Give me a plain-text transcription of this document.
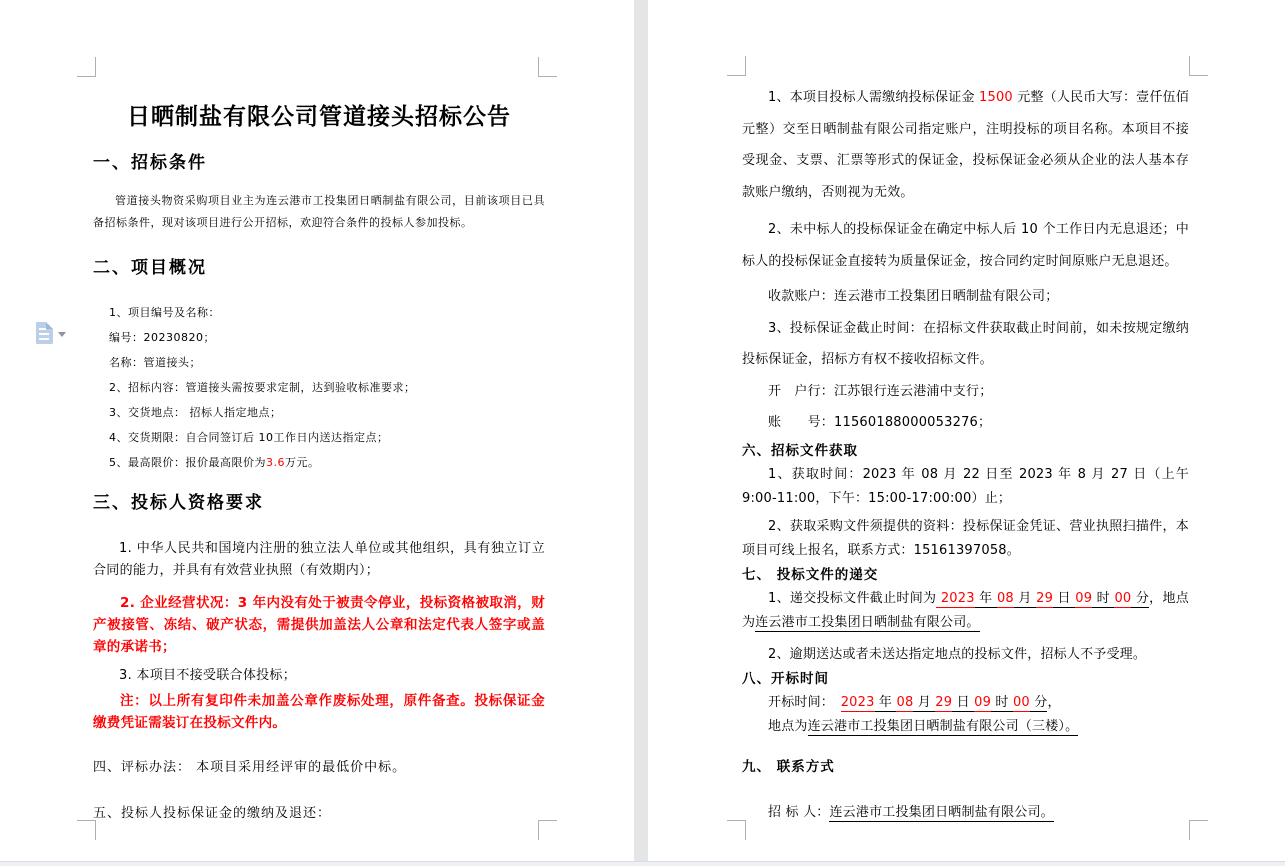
日晒制盐有限公司管道接头招标公告
一、招标条件

管道接头物资采购项目业主为连云港市工投集团日晒制盐有限公司，目前该项目已具备招标条件，现对该项目进行公开招标，欢迎符合条件的投标人参加投标。

二、项目概况

1、项目编号及名称：

编号：20230820；

名称：管道接头；

2、招标内容：管道接头需按要求定制，达到验收标准要求；

3、交货地点： 招标人指定地点；

4、交货期限：自合同签订后 10工作日内送达指定点；

5、最高限价：报价最高限价为3.6万元。

三、投标人资格要求

1. 中华人民共和国境内注册的独立法人单位或其他组织，具有独立订立合同的能力，并具有有效营业执照（有效期内）；

2. 企业经营状况：3 年内没有处于被责令停业，投标资格被取消，财产被接管、冻结、破产状态，需提供加盖法人公章和法定代表人签字或盖章的承诺书；

3. 本项目不接受联合体投标；

注：以上所有复印件未加盖公章作废标处理，原件备查。投标保证金缴费凭证需装订在投标文件内。

四、评标办法： 本项目采用经评审的最低价中标。

五、投标人投标保证金的缴纳及退还：

1、本项目投标人需缴纳投标保证金 1500 元整（人民币大写：壹仟伍佰元整）交至日晒制盐有限公司指定账户，注明投标的项目名称。本项目不接受现金、支票、汇票等形式的保证金，投标保证金必须从企业的法人基本存款账户缴纳，否则视为无效。

2、未中标人的投标保证金在确定中标人后 10 个工作日内无息退还；中标人的投标保证金直接转为质量保证金，按合同约定时间原账户无息退还。

收款账户：连云港市工投集团日晒制盐有限公司；

3、投标保证金截止时间：在招标文件获取截止时间前，如未按规定缴纳投标保证金，招标方有权不接收招标文件。

开　户行：江苏银行连云港浦中支行；

账　　号：11560188000053276；

六、招标文件获取

1、获取时间：2023 年 08 月 22 日至 2023 年 8 月 27 日（上午 9:00-11:00，下午：15:00-17:00:00）止；

2、获取采购文件须提供的资料：投标保证金凭证、营业执照扫描件，本项目可线上报名，联系方式：15161397058。

七、 投标文件的递交

1、递交投标文件截止时间为 2023 年 08 月 29 日 09 时 00 分，地点为连云港市工投集团日晒制盐有限公司。

2、逾期送达或者未送达指定地点的投标文件，招标人不予受理。

八、开标时间

开标时间：　2023 年 08 月 29 日 09 时 00 分，

地点为连云港市工投集团日晒制盐有限公司（三楼）。

九、 联系方式

招 标 人：连云港市工投集团日晒制盐有限公司。
